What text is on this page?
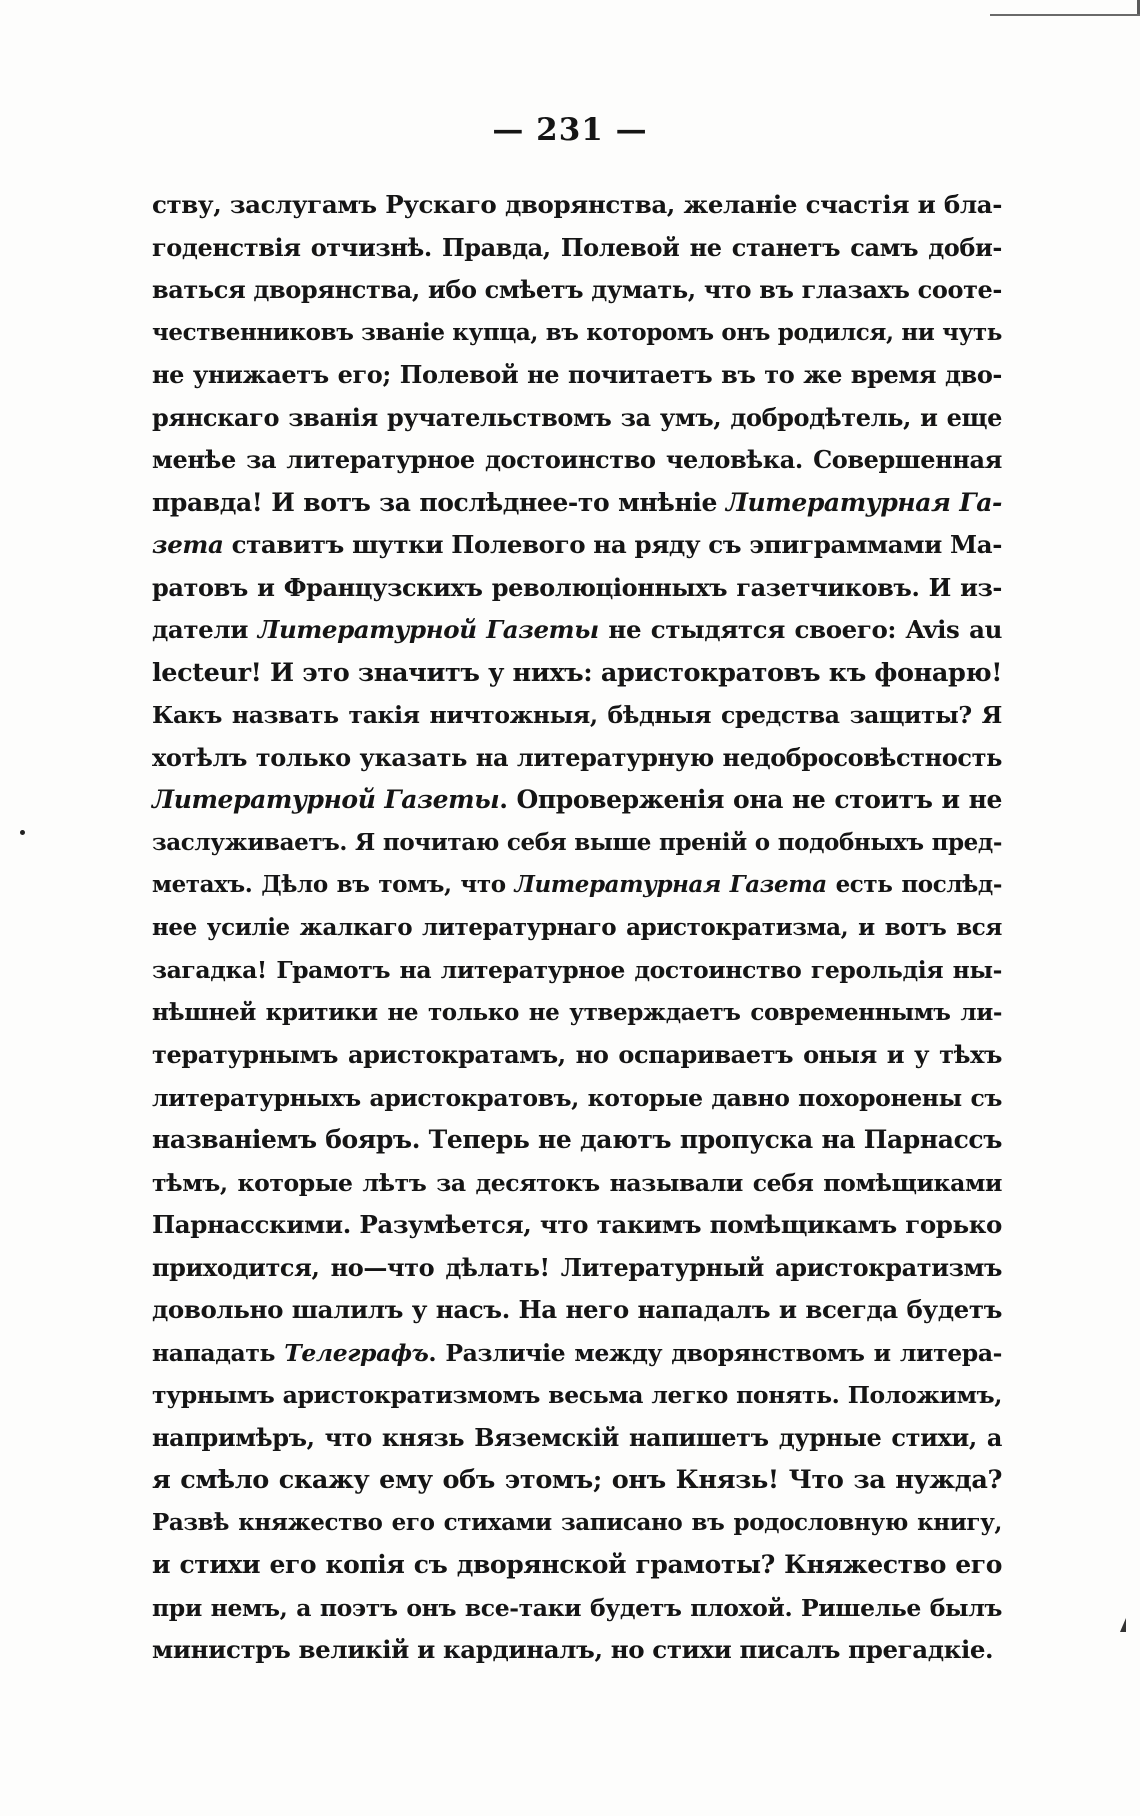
— 231 —
ству, заслугамъ Рускаго дворянства, желаніе счастія и бла-
годенствія отчизнѣ. Правда, Полевой не станетъ самъ доби-
ваться дворянства, ибо смѣетъ думать, что въ глазахъ сооте-
чественниковъ званіе купца, въ которомъ онъ родился, ни чуть
не унижаетъ его; Полевой не почитаетъ въ то же время дво-
рянскаго званія ручательствомъ за умъ, добродѣтель, и еще
менѣе за литературное достоинство человѣка. Совершенная
правда! И вотъ за послѣднее-то мнѣніе Литературная Га-
зета ставитъ шутки Полевого на ряду съ эпиграммами Ма-
ратовъ и Французскихъ революціонныхъ газетчиковъ. И из-
датели Литературной Газеты не стыдятся своего: Avis au
lecteur! И это значитъ у нихъ: аристократовъ къ фонарю!
Какъ назвать такія ничтожныя, бѣдныя средства защиты? Я
хотѣлъ только указать на литературную недобросовѣстность
Литературной Газеты. Опроверженія она не стоитъ и не
заслуживаетъ. Я почитаю себя выше преній о подобныхъ пред-
метахъ. Дѣло въ томъ, что Литературная Газета есть послѣд-
нее усиліе жалкаго литературнаго аристократизма, и вотъ вся
загадка! Грамотъ на литературное достоинство герольдія ны-
нѣшней критики не только не утверждаетъ современнымъ ли-
тературнымъ аристократамъ, но оспариваетъ оныя и у тѣхъ
литературныхъ аристократовъ, которые давно похоронены съ
названіемъ бояръ. Теперь не даютъ пропуска на Парнассъ
тѣмъ, которые лѣтъ за десятокъ называли себя помѣщиками
Парнасскими. Разумѣется, что такимъ помѣщикамъ горько
приходится, но—что дѣлать! Литературный аристократизмъ
довольно шалилъ у насъ. На него нападалъ и всегда будетъ
нападать Телеграфъ. Различіе между дворянствомъ и литера-
турнымъ аристократизмомъ весьма легко понять. Положимъ,
напримѣръ, что князь Вяземскій напишетъ дурные стихи, а
я смѣло скажу ему объ этомъ; онъ Князь! Что за нужда?
Развѣ княжество его стихами записано въ родословную книгу,
и стихи его копія съ дворянской грамоты? Княжество его
при немъ, а поэтъ онъ все-таки будетъ плохой. Ришелье былъ
министръ великій и кардиналъ, но стихи писалъ прегадкіе.
